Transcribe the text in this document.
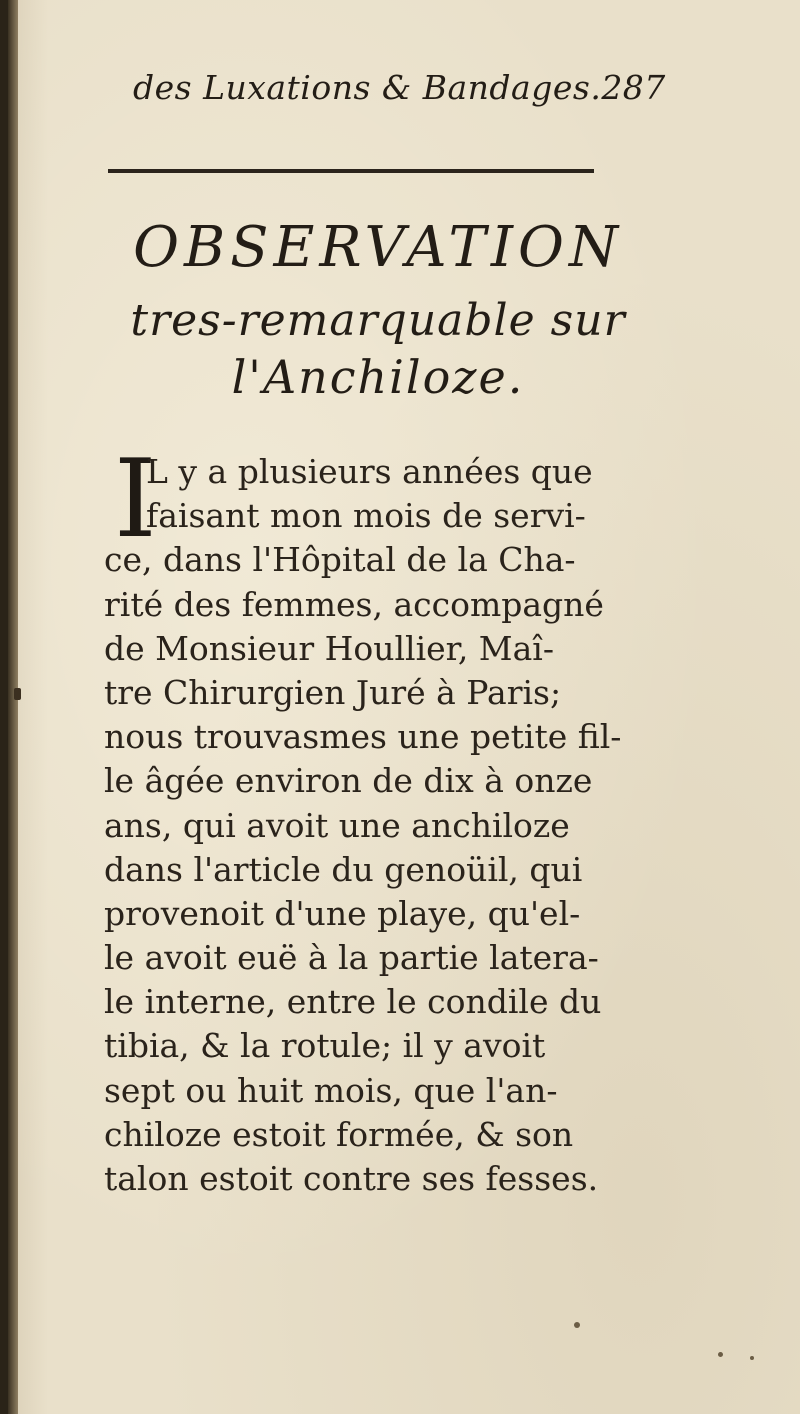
des Luxations & Bandages.287
OBSERVATION
tres-remarquable sur
l'Anchiloze.
I
L y a plusieurs années que
faisant mon mois de servi-
ce, dans l'Hôpital de la Cha-
rité des femmes, accompagné
de Monsieur Houllier, Maî-
tre Chirurgien Juré à Paris;
nous trouvasmes une petite fil-
le âgée environ de dix à onze
ans, qui avoit une anchiloze
dans l'article du genoüil, qui
provenoit d'une playe, qu'el-
le avoit euë à la partie latera-
le interne, entre le condile du
tibia, & la rotule; il y avoit
sept ou huit mois, que l'an-
chiloze estoit formée, & son
talon estoit contre ses fesses.
